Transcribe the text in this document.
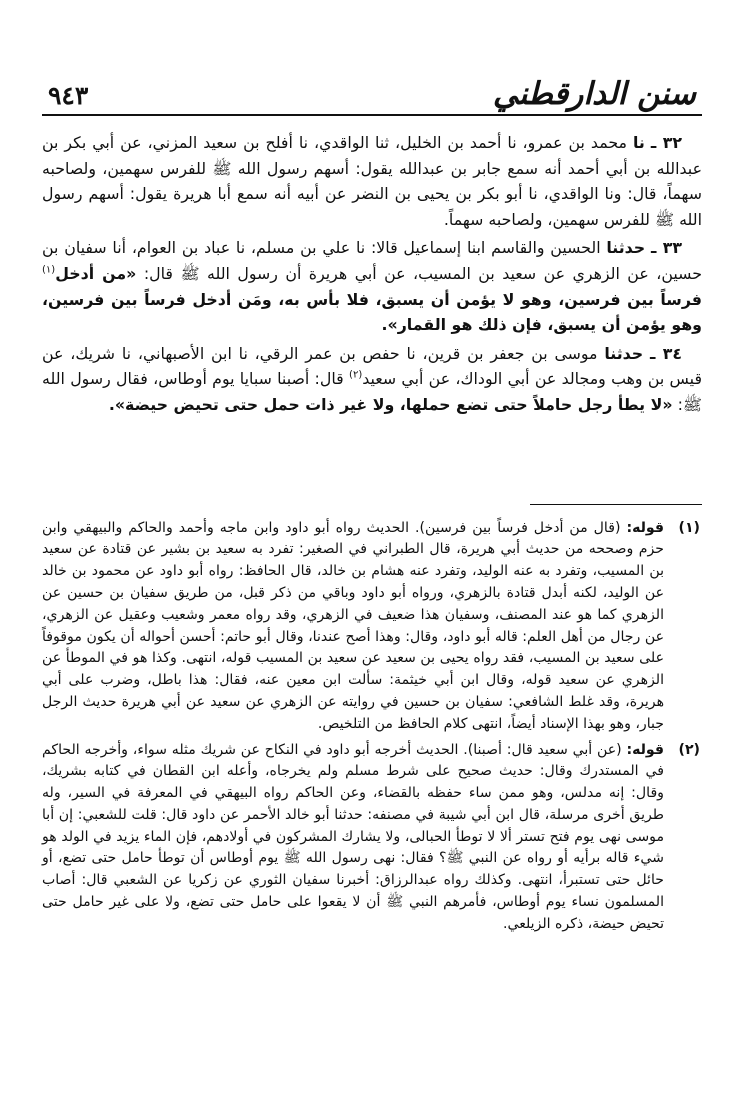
سنن الدارقطني
٩٤٣

٣٢ ـ نا محمد بن عمرو، نا أحمد بن الخليل، ثنا الواقدي، نا أفلح بن سعيد المزني، عن أبي بكر بن عبدالله بن أبي أحمد أنه سمع جابر بن عبدالله يقول: أسهم رسول الله ﷺ للفرس سهمين، ولصاحبه سهماً، قال: ونا الواقدي، نا أبو بكر بن يحيى بن النضر عن أبيه أنه سمع أبا هريرة يقول: أسهم رسول الله ﷺ للفرس سهمين، ولصاحبه سهماً.

٣٣ ـ حدثنا الحسين والقاسم ابنا إسماعيل قالا: نا علي بن مسلم، نا عباد بن العوام، أنا سفيان بن حسين، عن الزهري عن سعيد بن المسيب، عن أبي هريرة أن رسول الله ﷺ قال: «من أدخل$^{(١)}$ فرساً بين فرسين، وهو لا يؤمن أن يسبق، فلا بأس به، ومَن أدخل فرساً بين فرسين، وهو يؤمن أن يسبق، فإن ذلك هو القمار».

٣٤ ـ حدثنا موسى بن جعفر بن قرين، نا حفص بن عمر الرقي، نا ابن الأصبهاني، نا شريك، عن قيس بن وهب ومجالد عن أبي الوداك، عن أبي سعيد$^{(٢)}$ قال: أصبنا سبايا يوم أوطاس، فقال رسول الله ﷺ: «لا يطأ رجل حاملاً حتى تضع حملها، ولا غير ذات حمل حتى تحيض حيضة».

(١)
قوله: (قال من أدخل فرساً بين فرسين). الحديث رواه أبو داود وابن ماجه وأحمد والحاكم والبيهقي وابن حزم وصححه من حديث أبي هريرة، قال الطبراني في الصغير: تفرد به سعيد بن بشير عن قتادة عن سعيد بن المسيب، وتفرد به عنه الوليد، وتفرد عنه هشام بن خالد، قال الحافظ: رواه أبو داود عن محمود بن خالد عن الوليد، لكنه أبدل قتادة بالزهري، ورواه أبو داود وباقي من ذكر قبل، من طريق سفيان بن حسين عن الزهري كما هو عند المصنف، وسفيان هذا ضعيف في الزهري، وقد رواه معمر وشعيب وعقيل عن الزهري، عن رجال من أهل العلم: قاله أبو داود، وقال: وهذا أصح عندنا، وقال أبو حاتم: أحسن أحواله أن يكون موقوفاً على سعيد بن المسيب، فقد رواه يحيى بن سعيد عن سعيد بن المسيب قوله، انتهى. وكذا هو في الموطأ عن الزهري عن سعيد قوله، وقال ابن أبي خيثمة: سألت ابن معين عنه، فقال: هذا باطل، وضرب على أبي هريرة، وقد غلط الشافعي: سفيان بن حسين في روايته عن الزهري عن سعيد عن أبي هريرة حديث الرجل جبار، وهو بهذا الإسناد أيضاً، انتهى كلام الحافظ من التلخيص.
(٢)
قوله: (عن أبي سعيد قال: أصبنا). الحديث أخرجه أبو داود في النكاح عن شريك مثله سواء، وأخرجه الحاكم في المستدرك وقال: حديث صحيح على شرط مسلم ولم يخرجاه، وأعله ابن القطان في كتابه بشريك، وقال: إنه مدلس، وهو ممن ساء حفظه بالقضاء، وعن الحاكم رواه البيهقي في المعرفة في السير، وله طريق أخرى مرسلة، قال ابن أبي شيبة في مصنفه: حدثنا أبو خالد الأحمر عن داود قال: قلت للشعبي: إن أبا موسى نهى يوم فتح تستر ألا لا توطأ الحبالى، ولا يشارك المشركون في أولادهم، فإن الماء يزيد في الولد هو شيء قاله برأيه أو رواه عن النبي ﷺ؟ فقال: نهى رسول الله ﷺ يوم أوطاس أن توطأ حامل حتى تضع، أو حائل حتى تستبرأ، انتهى. وكذلك رواه عبدالرزاق: أخبرنا سفيان الثوري عن زكريا عن الشعبي قال: أصاب المسلمون نساء يوم أوطاس، فأمرهم النبي ﷺ أن لا يقعوا على حامل حتى تضع، ولا على غير حامل حتى تحيض حيضة، ذكره الزيلعي.
